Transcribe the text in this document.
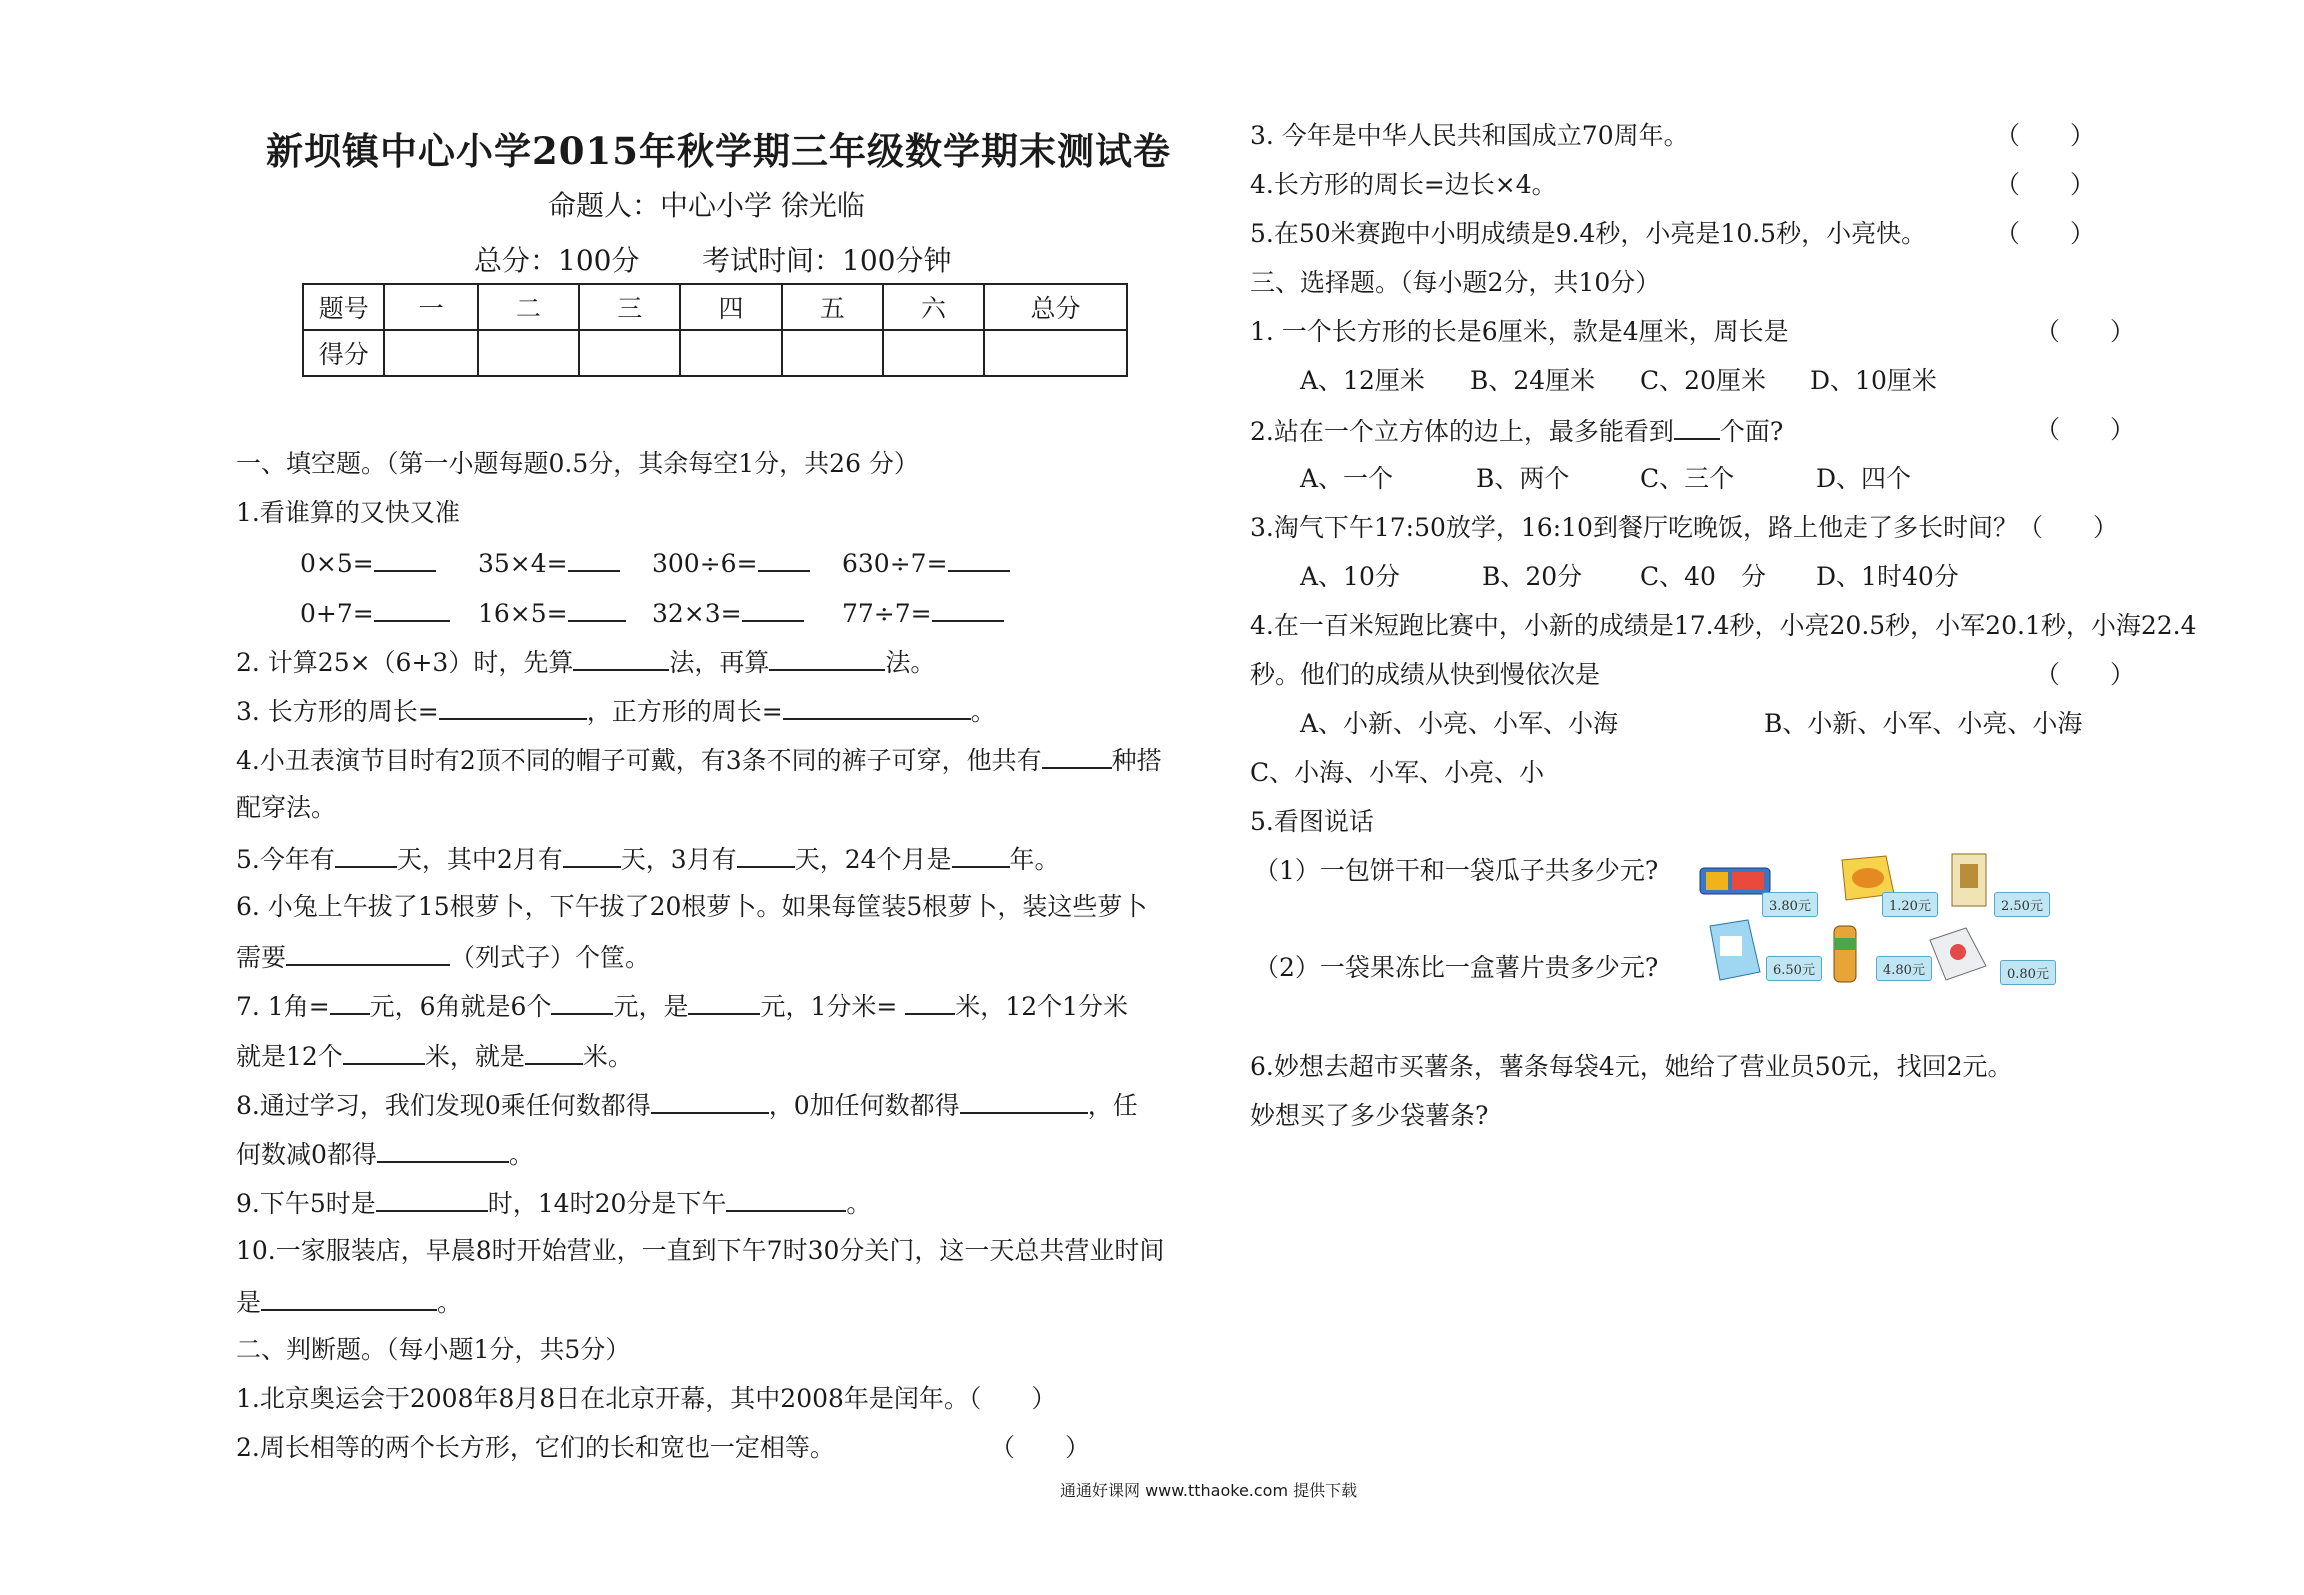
新坝镇中心小学2015年秋学期三年级数学期末测试卷
命题人：中心小学 徐光临
总分：100分 考试时间：100分钟
题号	一	二	三	四	五	六	总分
得分							
一、填空题。（第一小题每题0.5分，其余每空1分，共26 分）
1.看谁算的又快又准
0×5=	35×4=	300÷6=	630÷7=
0+7=	16×5=	32×3=	77÷7=
2. 计算25×（6+3）时，先算	法，再算	法。
3. 长方形的周长=	，正方形的周长=	。
4.小丑表演节目时有2顶不同的帽子可戴，有3条不同的裤子可穿，他共有	种搭
配穿法。
5.今年有 天，其中2月有 天，3月有 天，24个月是 年。
6. 小兔上午拔了15根萝卜，下午拔了20根萝卜。如果每筐装5根萝卜，装这些萝卜
需要	（列式子）个筐。
7. 1角= 元，6角就是6个 元，是	元，1分米= 米，12个1分米
就是12个	米，就是 米。
8.通过学习，我们发现0乘任何数都得	，0加任何数都得	，任
何数减0都得	。
9.下午5时是	时，14时20分是下午	。
10.一家服装店，早晨8时开始营业，一直到下午7时30分关门，这一天总共营业时间
是	。
二、判断题。（每小题1分，共5分）
1.北京奥运会于2008年8月8日在北京开幕，其中2008年是闰年。（　　）
2.周长相等的两个长方形，它们的长和宽也一定相等。	（　　）
3. 今年是中华人民共和国成立70周年。	（　　）
4.长方形的周长=边长×4。	（　　）
5.在50米赛跑中小明成绩是9.4秒，小亮是10.5秒，小亮快。	（　　）
三、选择题。（每小题2分，共10分）
1. 一个长方形的长是6厘米，款是4厘米，周长是	（　　）
A、12厘米 B、24厘米 C、20厘米 D、10厘米
2.站在一个立方体的边上，最多能看到 个面?	（　　）
A、一个	B、两个	C、三个	D、四个
3.淘气下午17:50放学，16:10到餐厅吃晚饭，路上他走了多长时间？（　　）
A、10分	B、20分 C、40　分 D、1时40分
4.在一百米短跑比赛中，小新的成绩是17.4秒，小亮20.5秒，小军20.1秒，小海22.4
秒。他们的成绩从快到慢依次是	（　　）
A、小新、小亮、小军、小海	B、小新、小军、小亮、小海
C、小海、小军、小亮、小
5.看图说话
（1）一包饼干和一袋瓜子共多少元?
（2）一袋果冻比一盒薯片贵多少元?
3.80元	1.20元	2.50元
6.50元	4.80元	0.80元
6.妙想去超市买薯条，薯条每袋4元，她给了营业员50元，找回2元。
妙想买了多少袋薯条?
通通好课网 www.tthaoke.com 提供下载
